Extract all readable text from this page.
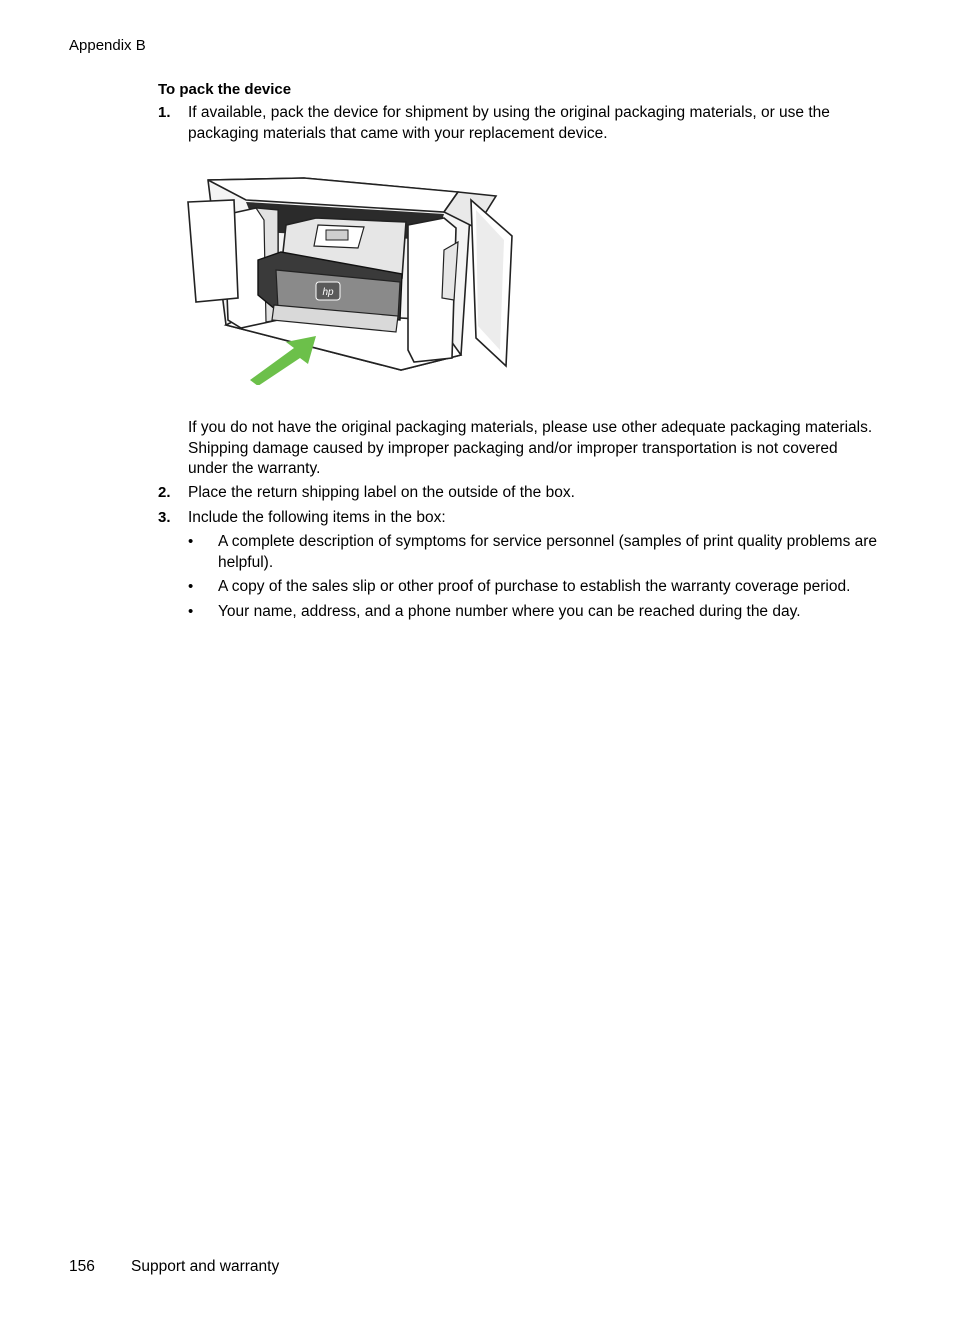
Appendix B
To pack the device
1. If available, pack the device for shipment by using the original packaging materials, or use the packaging materials that came with your replacement device.
hp
If you do not have the original packaging materials, please use other adequate packaging materials. Shipping damage caused by improper packaging and/or improper transportation is not covered under the warranty.
2. Place the return shipping label on the outside of the box.
3. Include the following items in the box:
• A complete description of symptoms for service personnel (samples of print quality problems are helpful).
• A copy of the sales slip or other proof of purchase to establish the warranty coverage period.
• Your name, address, and a phone number where you can be reached during the day.
156 Support and warranty
